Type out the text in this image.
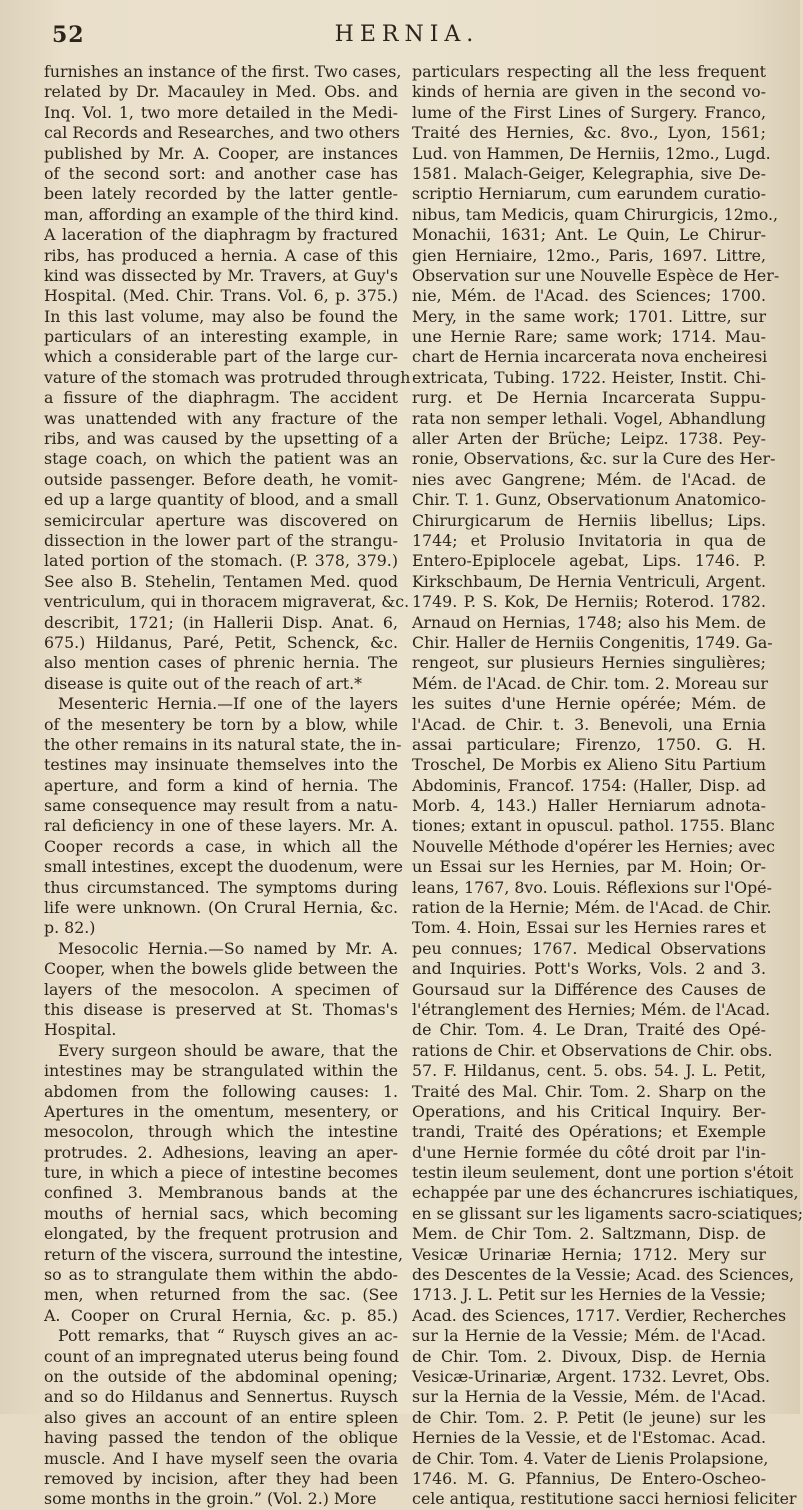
52	HERNIA.
furnishes an instance of the first. Two cases,
related by Dr. Macauley in Med. Obs. and
Inq. Vol. 1, two more detailed in the Medi-
cal Records and Researches, and two others
published by Mr. A. Cooper, are instances
of the second sort: and another case has
been lately recorded by the latter gentle-
man, affording an example of the third kind.
A laceration of the diaphragm by fractured
ribs, has produced a hernia. A case of this
kind was dissected by Mr. Travers, at Guy's
Hospital. (Med. Chir. Trans. Vol. 6, p. 375.)
In this last volume, may also be found the
particulars of an interesting example, in
which a considerable part of the large cur-
vature of the stomach was protruded through
a fissure of the diaphragm. The accident
was unattended with any fracture of the
ribs, and was caused by the upsetting of a
stage coach, on which the patient was an
outside passenger. Before death, he vomit-
ed up a large quantity of blood, and a small
semicircular aperture was discovered on
dissection in the lower part of the strangu-
lated portion of the stomach. (P. 378, 379.)
See also B. Stehelin, Tentamen Med. quod
ventriculum, qui in thoracem migraverat, &c.
describit, 1721; (in Hallerii Disp. Anat. 6,
675.) Hildanus, Paré, Petit, Schenck, &c.
also mention cases of phrenic hernia. The
disease is quite out of the reach of art.*
Mesenteric Hernia.—If one of the layers
of the mesentery be torn by a blow, while
the other remains in its natural state, the in-
testines may insinuate themselves into the
aperture, and form a kind of hernia. The
same consequence may result from a natu-
ral deficiency in one of these layers. Mr. A.
Cooper records a case, in which all the
small intestines, except the duodenum, were
thus circumstanced. The symptoms during
life were unknown. (On Crural Hernia, &c.
p. 82.)
Mesocolic Hernia.—So named by Mr. A.
Cooper, when the bowels glide between the
layers of the mesocolon. A specimen of
this disease is preserved at St. Thomas's
Hospital.
Every surgeon should be aware, that the
intestines may be strangulated within the
abdomen from the following causes: 1.
Apertures in the omentum, mesentery, or
mesocolon, through which the intestine
protrudes. 2. Adhesions, leaving an aper-
ture, in which a piece of intestine becomes
confined 3. Membranous bands at the
mouths of hernial sacs, which becoming
elongated, by the frequent protrusion and
return of the viscera, surround the intestine,
so as to strangulate them within the abdo-
men, when returned from the sac. (See
A. Cooper on Crural Hernia, &c. p. 85.)
Pott remarks, that “ Ruysch gives an ac-
count of an impregnated uterus being found
on the outside of the abdominal opening;
and so do Hildanus and Sennertus. Ruysch
also gives an account of an entire spleen
having passed the tendon of the oblique
muscle. And I have myself seen the ovaria
removed by incision, after they had been
some months in the groin.” (Vol. 2.) More
particulars respecting all the less frequent
kinds of hernia are given in the second vo-
lume of the First Lines of Surgery. Franco,
Traité des Hernies, &c. 8vo., Lyon, 1561;
Lud. von Hammen, De Herniis, 12mo., Lugd.
1581. Malach-Geiger, Kelegraphia, sive De-
scriptio Herniarum, cum earundem curatio-
nibus, tam Medicis, quam Chirurgicis, 12mo.,
Monachii, 1631; Ant. Le Quin, Le Chirur-
gien Herniaire, 12mo., Paris, 1697. Littre,
Observation sur une Nouvelle Espèce de Her-
nie, Mém. de l'Acad. des Sciences; 1700.
Mery, in the same work; 1701. Littre, sur
une Hernie Rare; same work; 1714. Mau-
chart de Hernia incarcerata nova encheiresi
extricata, Tubing. 1722. Heister, Instit. Chi-
rurg. et De Hernia Incarcerata Suppu-
rata non semper lethali. Vogel, Abhandlung
aller Arten der Brüche; Leipz. 1738. Pey-
ronie, Observations, &c. sur la Cure des Her-
nies avec Gangrene; Mém. de l'Acad. de
Chir. T. 1. Gunz, Observationum Anatomico-
Chirurgicarum de Herniis libellus; Lips.
1744; et Prolusio Invitatoria in qua de
Entero-Epiplocele agebat, Lips. 1746. P.
Kirkschbaum, De Hernia Ventriculi, Argent.
1749. P. S. Kok, De Herniis; Roterod. 1782.
Arnaud on Hernias, 1748; also his Mem. de
Chir. Haller de Herniis Congenitis, 1749. Ga-
rengeot, sur plusieurs Hernies singulières;
Mém. de l'Acad. de Chir. tom. 2. Moreau sur
les suites d'une Hernie opérée; Mém. de
l'Acad. de Chir. t. 3. Benevoli, una Ernia
assai particulare; Firenzo, 1750. G. H.
Troschel, De Morbis ex Alieno Situ Partium
Abdominis, Francof. 1754: (Haller, Disp. ad
Morb. 4, 143.) Haller Herniarum adnota-
tiones; extant in opuscul. pathol. 1755. Blanc
Nouvelle Méthode d'opérer les Hernies; avec
un Essai sur les Hernies, par M. Hoin; Or-
leans, 1767, 8vo. Louis. Réflexions sur l'Opé-
ration de la Hernie; Mém. de l'Acad. de Chir.
Tom. 4. Hoin, Essai sur les Hernies rares et
peu connues; 1767. Medical Observations
and Inquiries. Pott's Works, Vols. 2 and 3.
Goursaud sur la Différence des Causes de
l'étranglement des Hernies; Mém. de l'Acad.
de Chir. Tom. 4. Le Dran, Traité des Opé-
rations de Chir. et Observations de Chir. obs.
57. F. Hildanus, cent. 5. obs. 54. J. L. Petit,
Traité des Mal. Chir. Tom. 2. Sharp on the
Operations, and his Critical Inquiry. Ber-
trandi, Traité des Opérations; et Exemple
d'une Hernie formée du côté droit par l'in-
testin ileum seulement, dont une portion s'étoit
echappée par une des échancrures ischiatiques,
en se glissant sur les ligaments sacro-sciatiques;
Mem. de Chir Tom. 2. Saltzmann, Disp. de
Vesicæ Urinariæ Hernia; 1712. Mery sur
des Descentes de la Vessie; Acad. des Sciences,
1713. J. L. Petit sur les Hernies de la Vessie;
Acad. des Sciences, 1717. Verdier, Recherches
sur la Hernie de la Vessie; Mém. de l'Acad.
de Chir. Tom. 2. Divoux, Disp. de Hernia
Vesicæ-Urinariæ, Argent. 1732. Levret, Obs.
sur la Hernia de la Vessie, Mém. de l'Acad.
de Chir. Tom. 2. P. Petit (le jeune) sur les
Hernies de la Vessie, et de l'Estomac. Acad.
de Chir. Tom. 4. Vater de Lienis Prolapsione,
1746. M. G. Pfannius, De Entero-Oscheo-
cele antiqua, restitutione sacci herniosi feliciter
